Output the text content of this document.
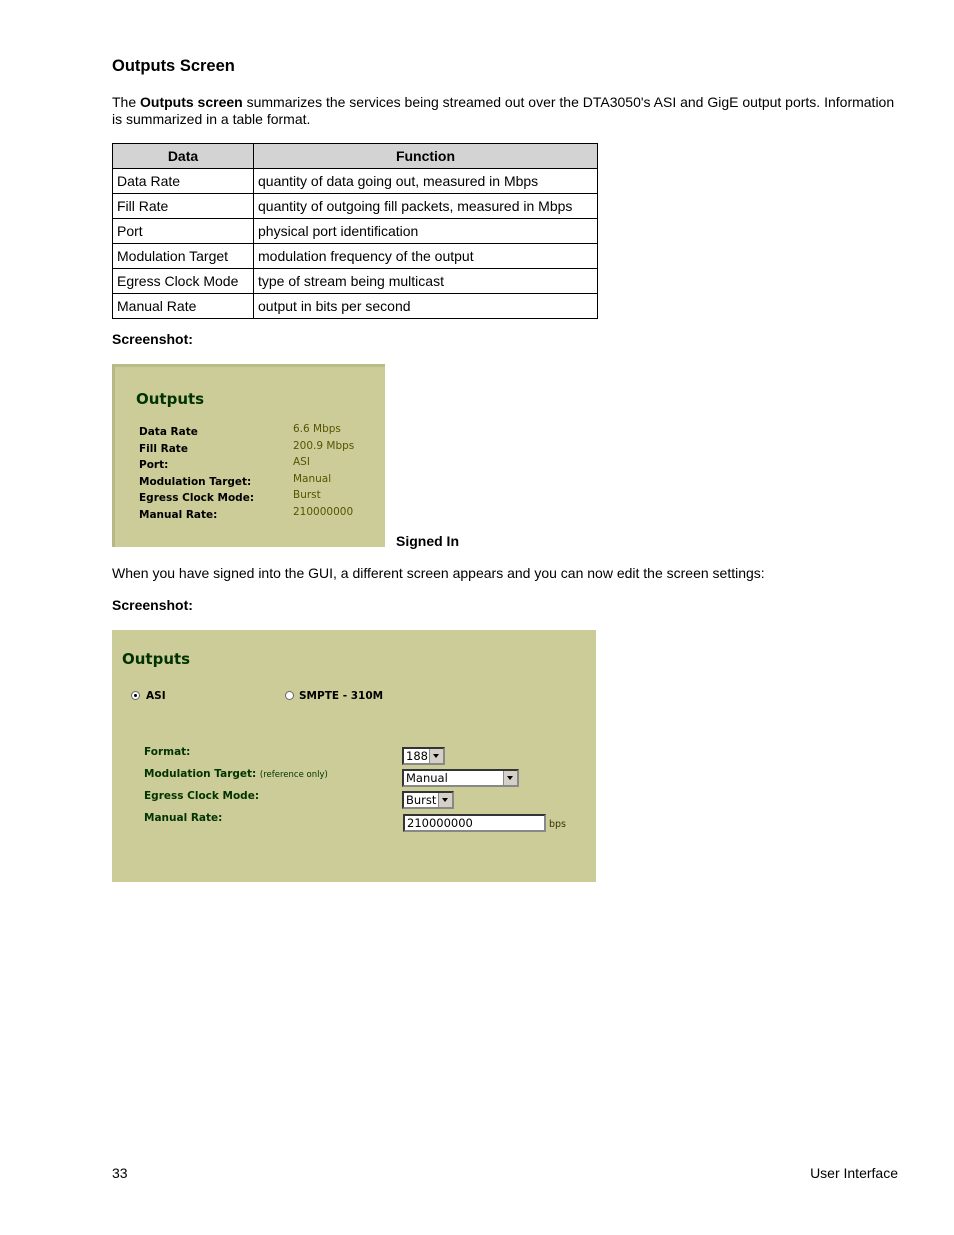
Outputs Screen
The Outputs screen summarizes the services being streamed out over the DTA3050's ASI and GigE output ports. Information is summarized in a table format.
Data	Function
Data Rate	quantity of data going out, measured in Mbps
Fill Rate	quantity of outgoing fill packets, measured in Mbps
Port	physical port identification
Modulation Target	modulation frequency of the output
Egress Clock Mode	type of stream being multicast
Manual Rate	output in bits per second
Screenshot:
Outputs
Data Rate	6.6 Mbps
Fill Rate	200.9 Mbps
Port:	ASI
Modulation Target:	Manual
Egress Clock Mode:	Burst
Manual Rate:	210000000
Signed In
When you have signed into the GUI, a different screen appears and you can now edit the screen settings:
Screenshot:
Outputs
ASI	SMPTE - 310M
Format:	188
Modulation Target: (reference only)	Manual
Egress Clock Mode:	Burst
Manual Rate:	210000000	bps
33	User Interface
